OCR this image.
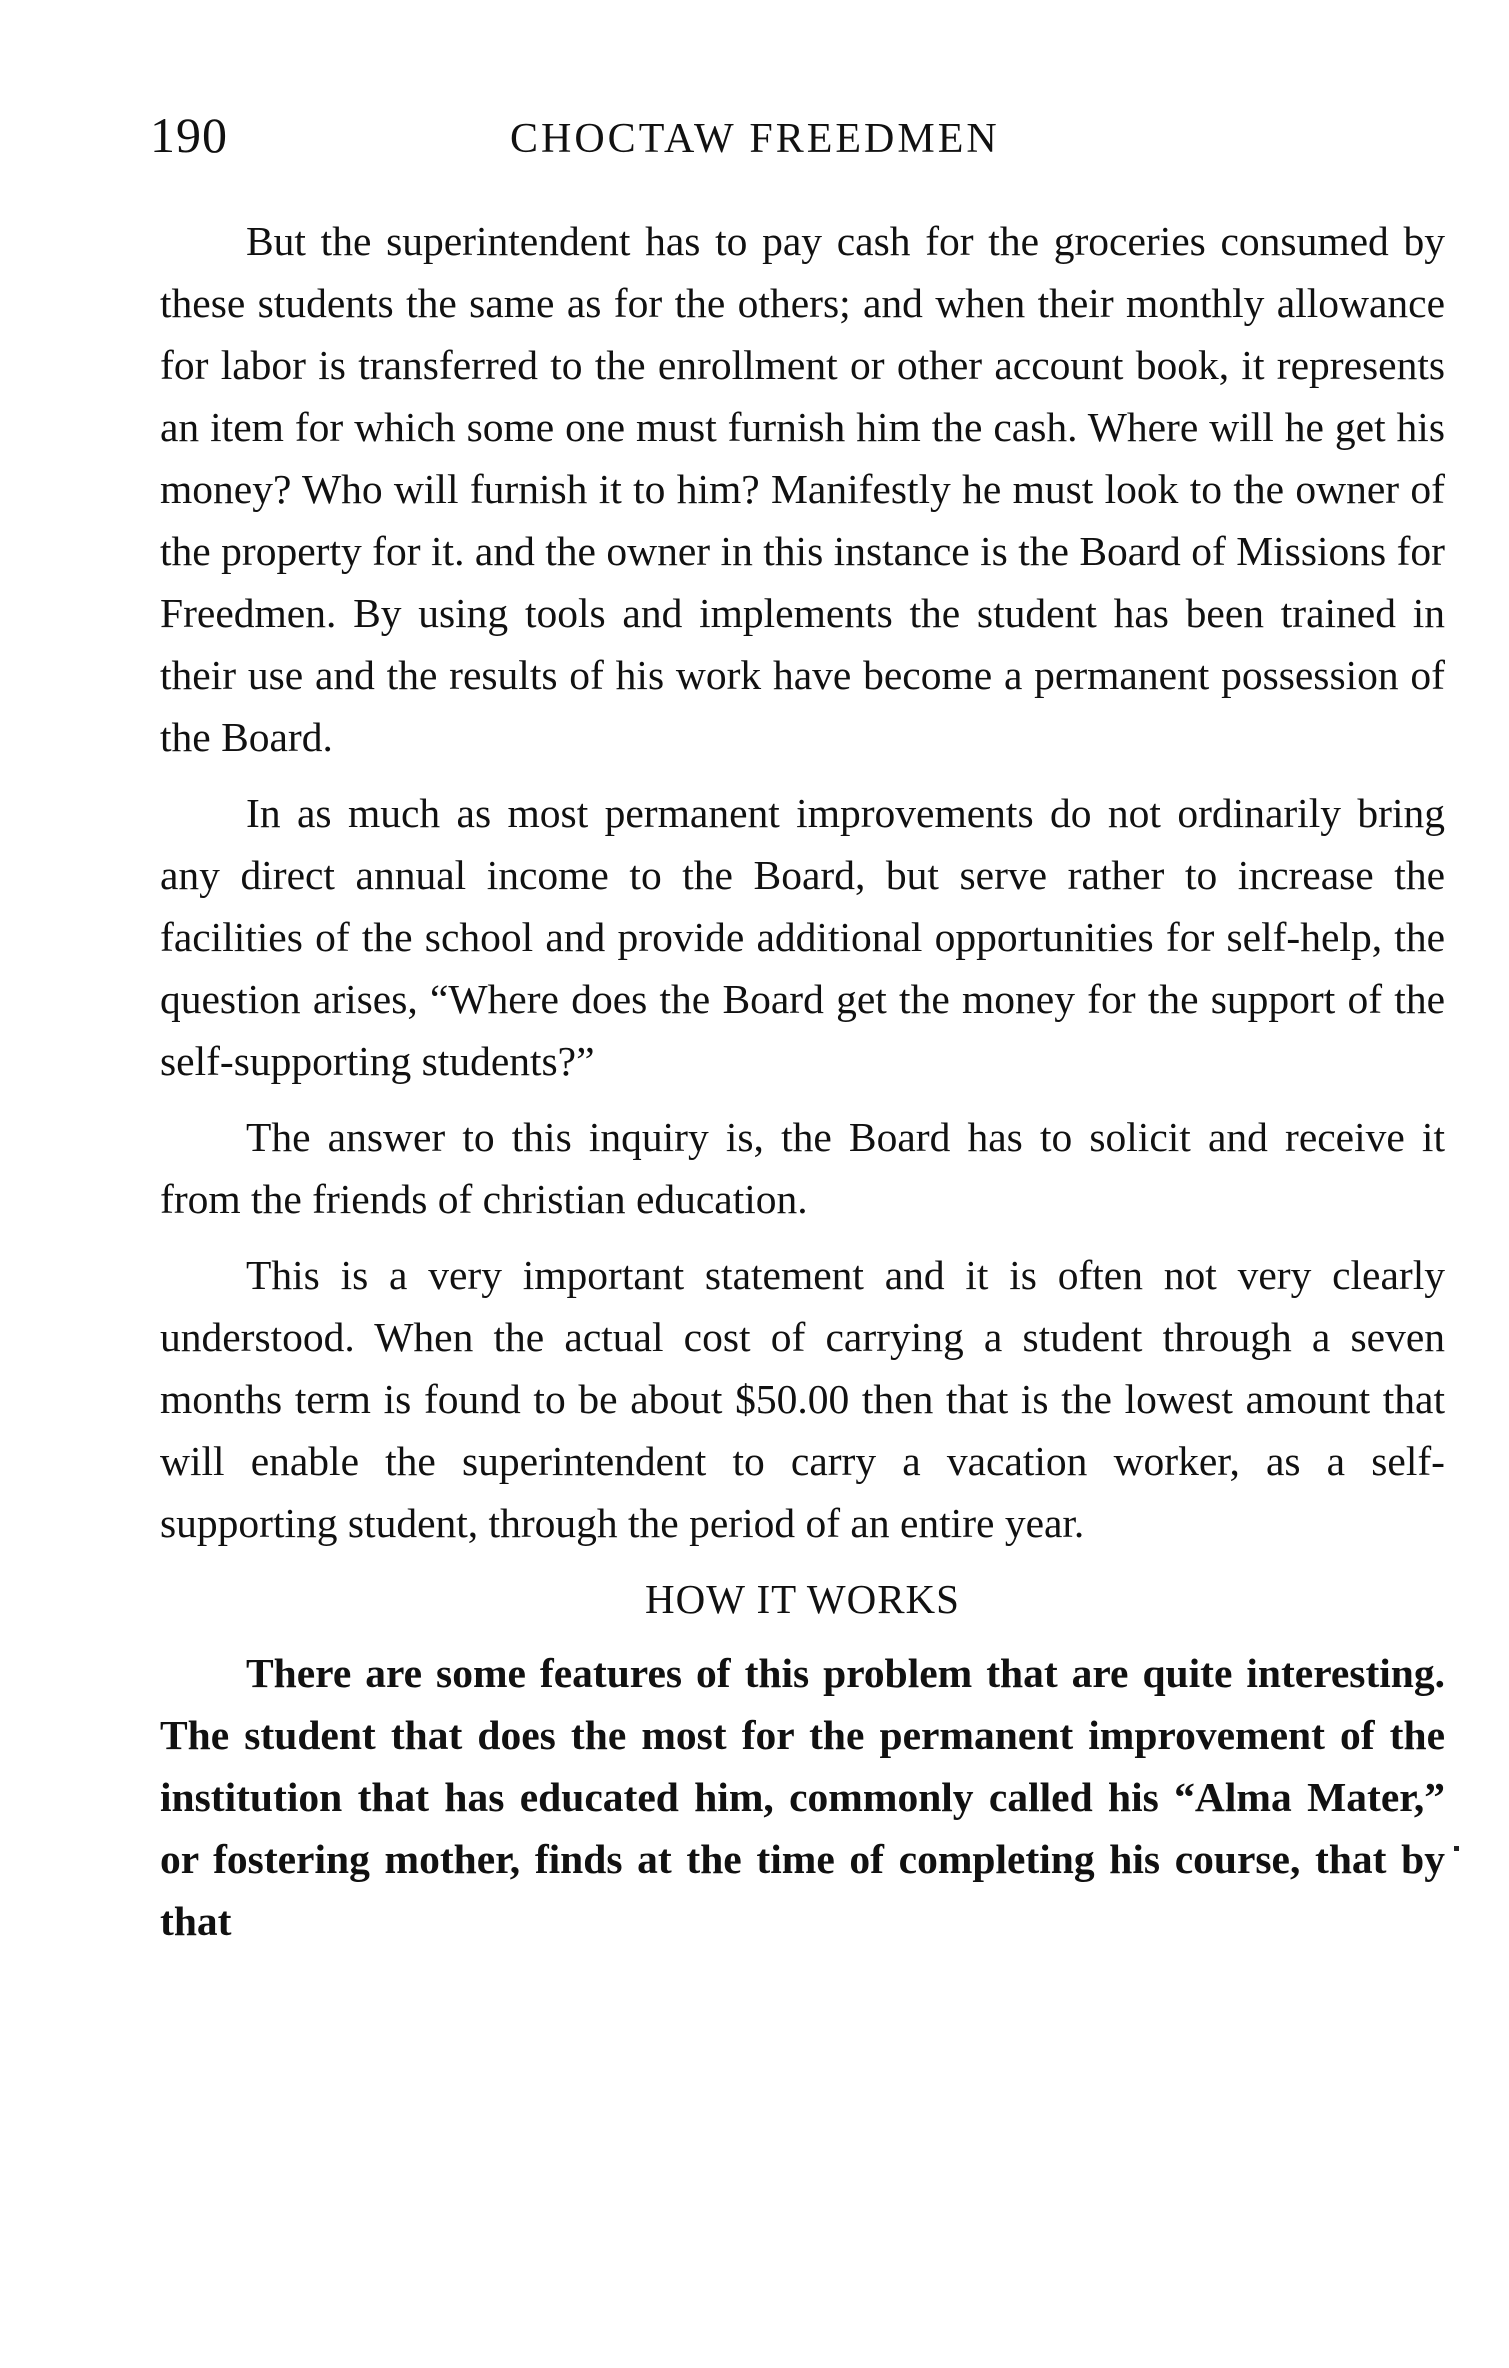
190	CHOCTAW FREEDMEN

But the superintendent has to pay cash for the groceries consumed by these students the same as for the others; and when their monthly allowance for labor is transferred to the enrollment or other account book, it represents an item for which some one must furnish him the cash. Where will he get his money? Who will furnish it to him? Manifestly he must look to the owner of the property for it. and the owner in this instance is the Board of Missions for Freedmen. By using tools and implements the student has been trained in their use and the results of his work have become a permanent possession of the Board.

In as much as most permanent improvements do not ordinarily bring any direct annual income to the Board, but serve rather to increase the facilities of the school and provide additional opportunities for self-help, the question arises, “Where does the Board get the money for the support of the self-supporting students?”

The answer to this inquiry is, the Board has to solicit and receive it from the friends of christian education.

This is a very important statement and it is often not very clearly understood. When the actual cost of carrying a student through a seven months term is found to be about $50.00 then that is the lowest amount that will enable the superintendent to carry a vacation worker, as a self-supporting student, through the period of an entire year.

HOW IT WORKS

There are some features of this problem that are quite interesting. The student that does the most for the permanent improvement of the institution that has educated him, commonly called his “Alma Mater,” or fostering mother, finds at the time of completing his course, that by that
